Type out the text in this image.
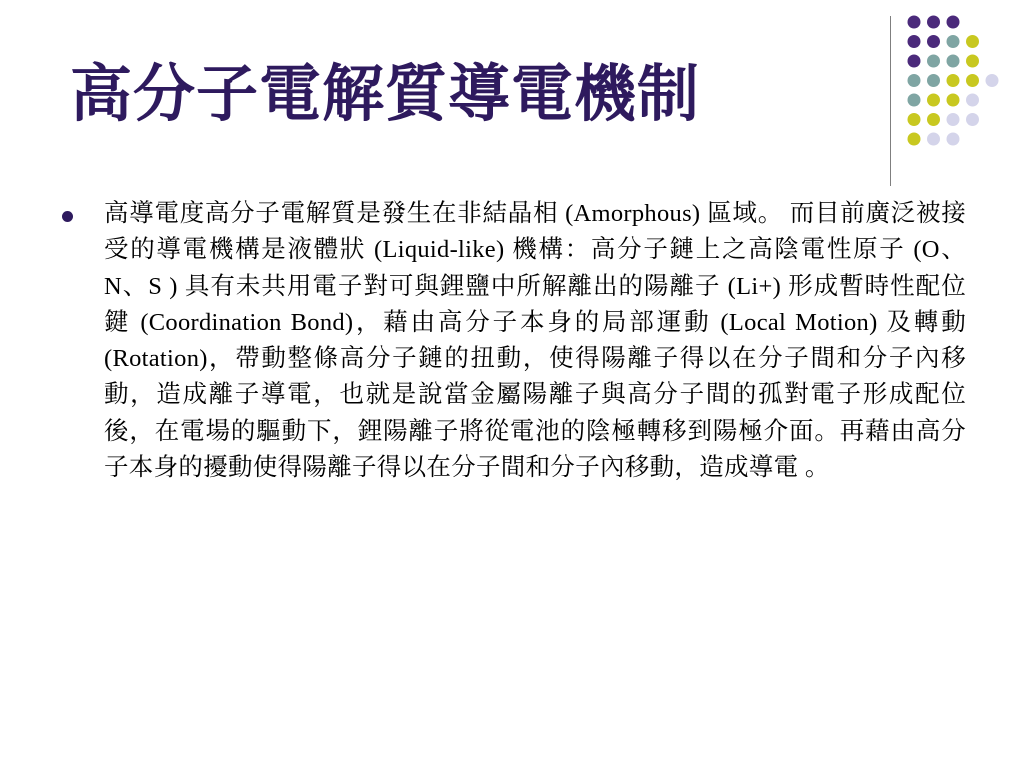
高分子電解質導電機制
高導電度高分子電解質是發生在非結晶相 (Amorphous) 區域。 而目前廣泛被接受的導電機構是液體狀 (Liquid-like) 機構：高分子鏈上之高陰電性原子 (O、N、S ) 具有未共用電子對可與鋰鹽中所解離出的陽離子 (Li+) 形成暫時性配位鍵 (Coordination Bond)，藉由高分子本身的局部運動 (Local Motion) 及轉動 (Rotation)，帶動整條高分子鏈的扭動，使得陽離子得以在分子間和分子內移動，造成離子導電，也就是說當金屬陽離子與高分子間的孤對電子形成配位後，在電場的驅動下，鋰陽離子將從電池的陰極轉移到陽極介面。再藉由高分子本身的擾動使得陽離子得以在分子間和分子內移動，造成導電 。
